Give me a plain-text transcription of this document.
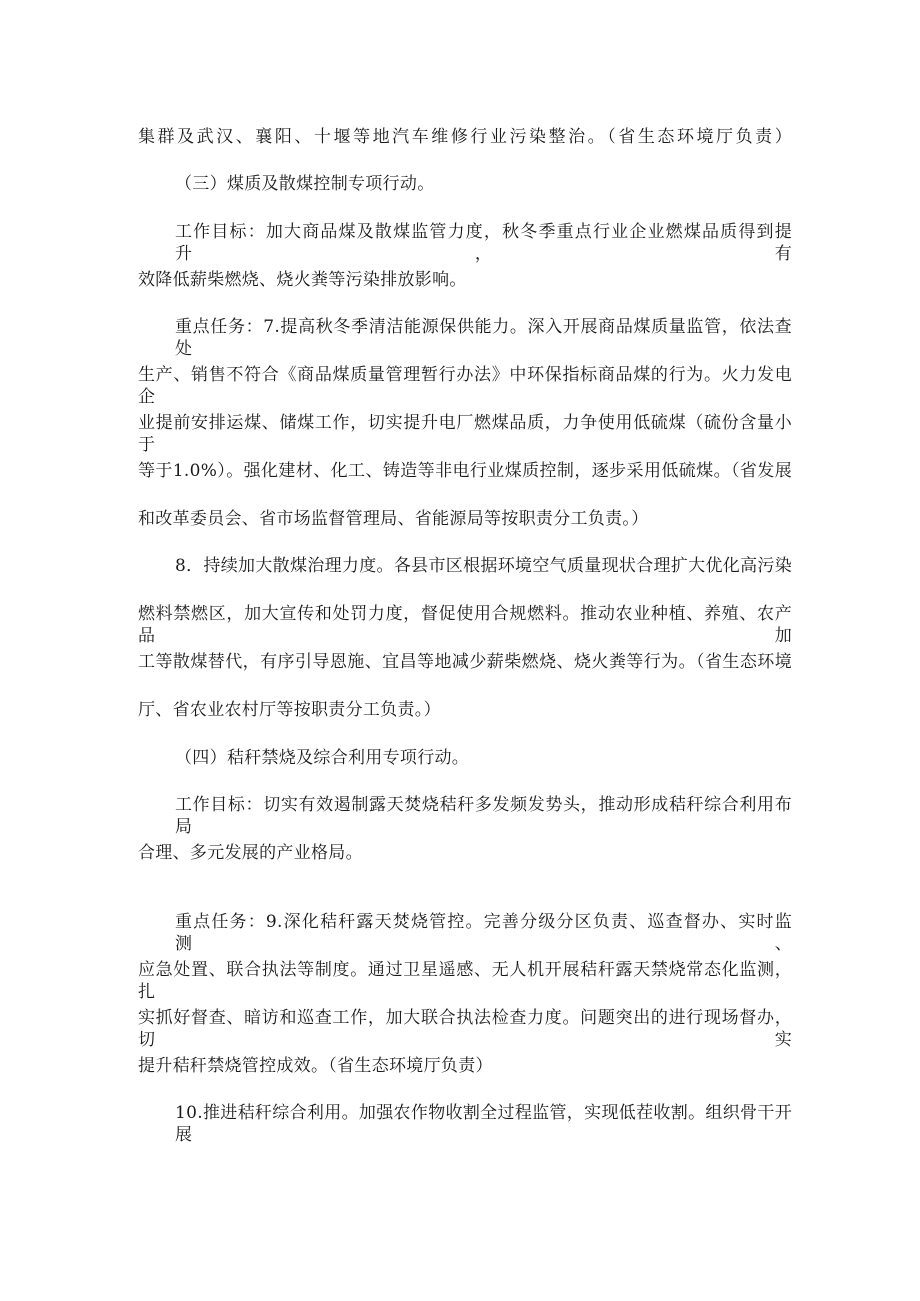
集群及武汉、襄阳、十堰等地汽车维修行业污染整治。（省生态环境厅负责）
（三）煤质及散煤控制专项行动。
工作目标：加大商品煤及散煤监管力度，秋冬季重点行业企业燃煤品质得到提升，有
效降低薪柴燃烧、烧火粪等污染排放影响。
重点任务：7.提高秋冬季清洁能源保供能力。深入开展商品煤质量监管，依法查处
生产、销售不符合《商品煤质量管理暂行办法》中环保指标商品煤的行为。火力发电企
业提前安排运煤、储煤工作，切实提升电厂燃煤品质，力争使用低硫煤（硫份含量小于
等于1.0%）。强化建材、化工、铸造等非电行业煤质控制，逐步采用低硫煤。（省发展
和改革委员会、省市场监督管理局、省能源局等按职责分工负责。）
8．持续加大散煤治理力度。各县市区根据环境空气质量现状合理扩大优化高污染
燃料禁燃区，加大宣传和处罚力度，督促使用合规燃料。推动农业种植、养殖、农产品加
工等散煤替代，有序引导恩施、宜昌等地减少薪柴燃烧、烧火粪等行为。（省生态环境
厅、省农业农村厅等按职责分工负责。）
（四）秸秆禁烧及综合利用专项行动。
工作目标：切实有效遏制露天焚烧秸秆多发频发势头，推动形成秸秆综合利用布局
合理、多元发展的产业格局。
重点任务：9.深化秸秆露天焚烧管控。完善分级分区负责、巡查督办、实时监测、
应急处置、联合执法等制度。通过卫星遥感、无人机开展秸秆露天禁烧常态化监测，扎
实抓好督查、暗访和巡查工作，加大联合执法检查力度。问题突出的进行现场督办，切实
提升秸秆禁烧管控成效。（省生态环境厅负责）
10.推进秸秆综合利用。加强农作物收割全过程监管，实现低茬收割。组织骨干开展
